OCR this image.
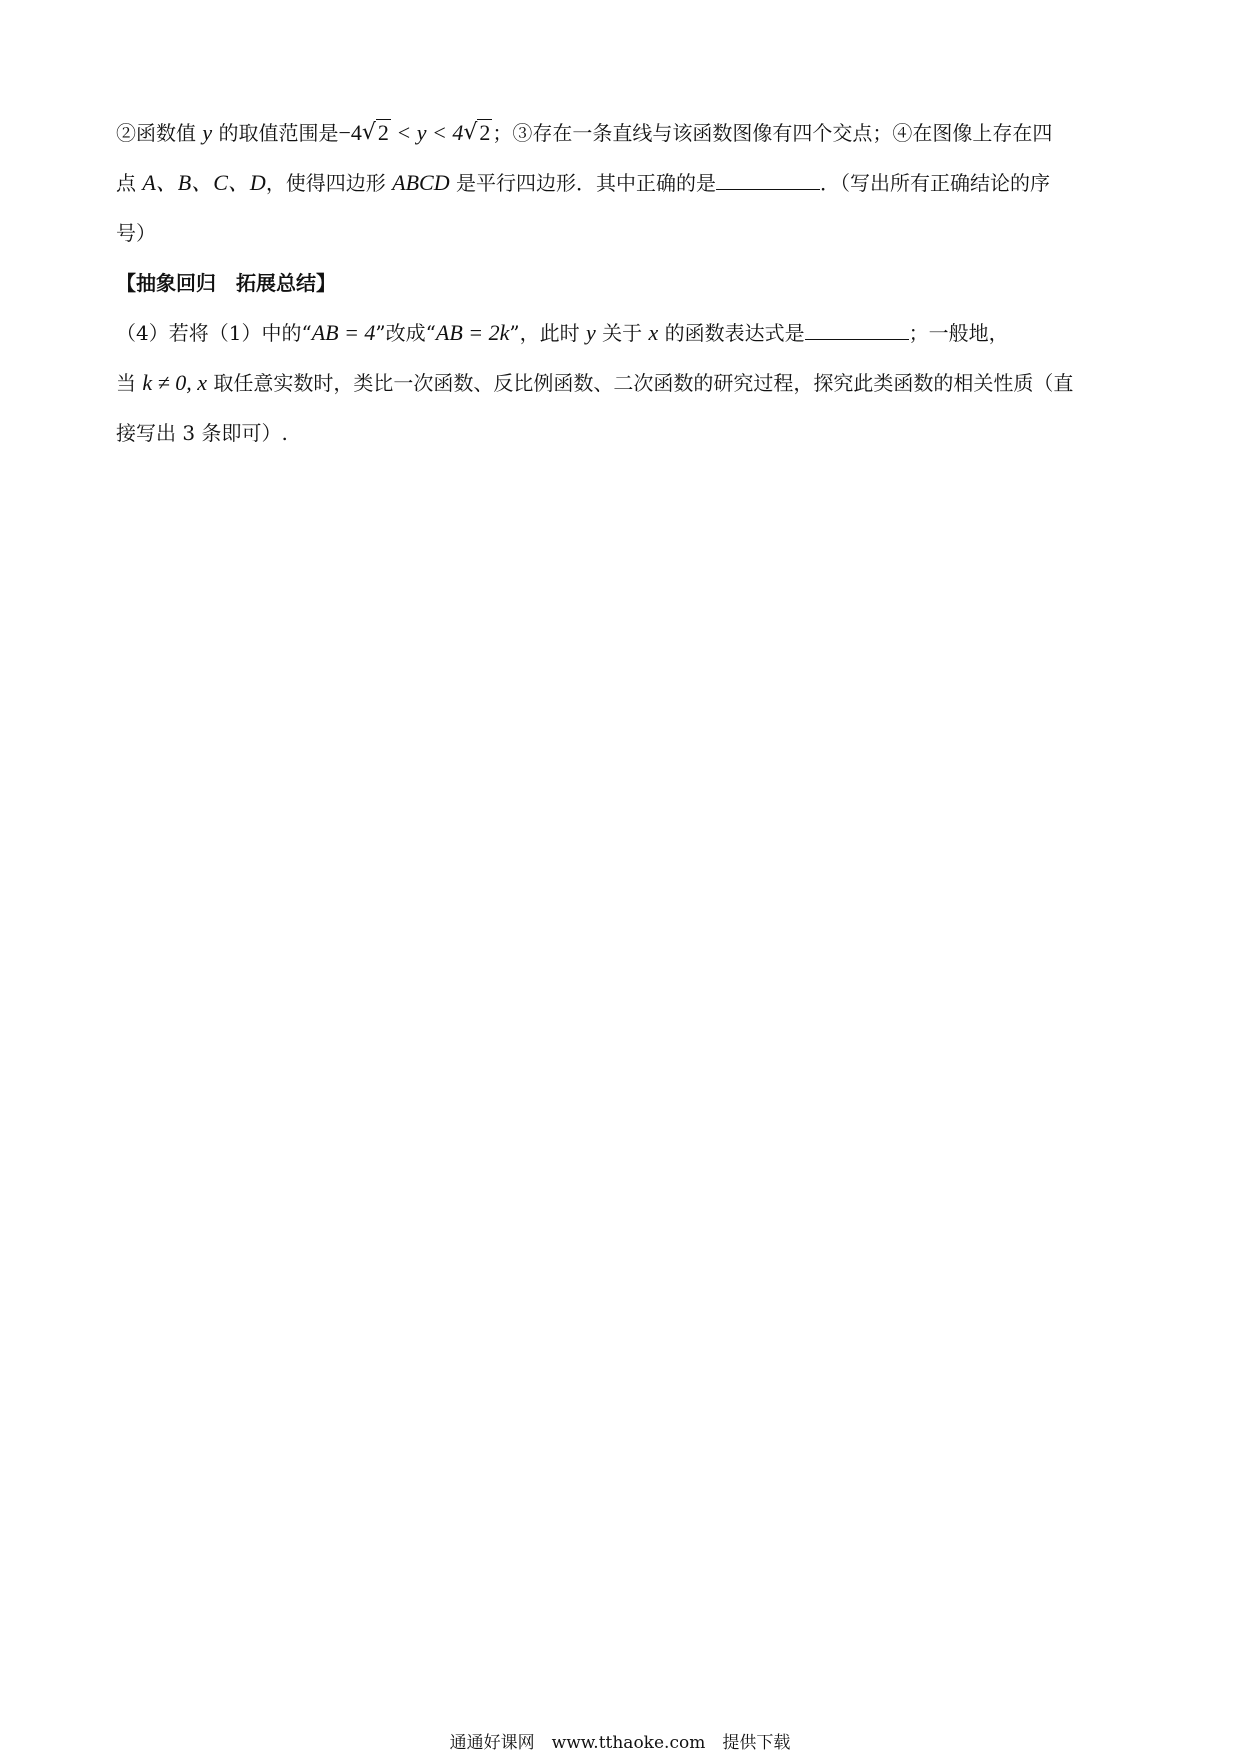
②函数值 y 的取值范围是−4 √ 2 < y < 4 √ 2 ；③存在一条直线与该函数图像有四个交点；④在图像上存在四
点 A、B、C、D，使得四边形 ABCD 是平行四边形．其中正确的是	．（写出所有正确结论的序
号）
【抽象回归　拓展总结】
（4）若将（1）中的“AB = 4”改成“AB = 2k”，此时 y 关于 x 的函数表达式是	；一般地，
当 k ≠ 0, x 取任意实数时，类比一次函数、反比例函数、二次函数的研究过程，探究此类函数的相关性质（直
接写出 3 条即可）.
通通好课网　www.tthaoke.com　提供下载
